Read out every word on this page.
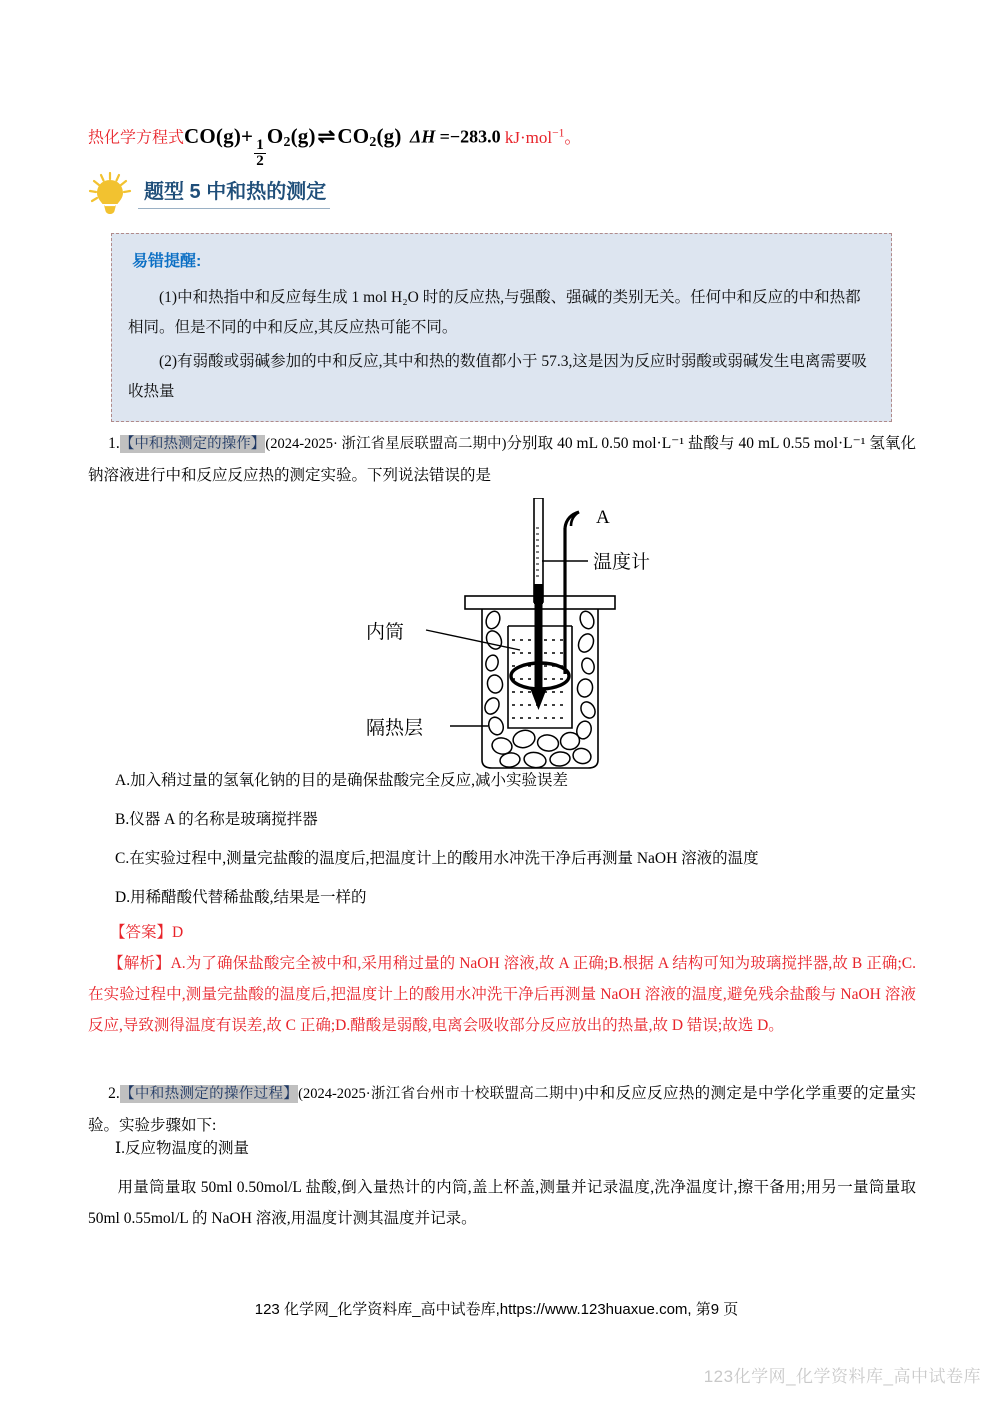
热化学方程式CO(g)+
$\frac{1}{2}$
$O_2(g)$ ⇌ $CO_2(g)$ ΔH =−283.0 kJ·mol$^{-1}$。
题型 5 中和热的测定
易错提醒:

(1)中和热指中和反应每生成 1 mol H₂O 时的反应热,与强酸、强碱的类别无关。任何中和反应的中和热都相同。但是不同的中和反应,其反应热可能不同。

(2)有弱酸或弱碱参加的中和反应,其中和热的数值都小于 57.3,这是因为反应时弱酸或弱碱发生电离需要吸收热量

1.【中和热测定的操作】(2024-2025· 浙江省星辰联盟高二期中)分别取 40 mL 0.50 mol·L⁻¹ 盐酸与 40 mL 0.55 mol·L⁻¹ 氢氧化钠溶液进行中和反应反应热的测定实验。下列说法错误的是
A
温度计
内筒
隔热层
A.加入稍过量的氢氧化钠的目的是确保盐酸完全反应,减小实验误差
B.仪器 A 的名称是玻璃搅拌器
C.在实验过程中,测量完盐酸的温度后,把温度计上的酸用水冲洗干净后再测量 NaOH 溶液的温度
D.用稀醋酸代替稀盐酸,结果是一样的
【答案】D
【解析】A.为了确保盐酸完全被中和,采用稍过量的 NaOH 溶液,故 A 正确;B.根据 A 结构可知为玻璃搅拌器,故 B 正确;C.在实验过程中,测量完盐酸的温度后,把温度计上的酸用水冲洗干净后再测量 NaOH 溶液的温度,避免残余盐酸与 NaOH 溶液反应,导致测得温度有误差,故 C 正确;D.醋酸是弱酸,电离会吸收部分反应放出的热量,故 D 错误;故选 D。
2.【中和热测定的操作过程】(2024-2025·浙江省台州市十校联盟高二期中)中和反应反应热的测定是中学化学重要的定量实验。实验步骤如下:
Ⅰ.反应物温度的测量
用量筒量取 50ml 0.50mol/L 盐酸,倒入量热计的内筒,盖上杯盖,测量并记录温度,洗净温度计,擦干备用;用另一量筒量取 50ml 0.55mol/L 的 NaOH 溶液,用温度计测其温度并记录。
123 化学网_化学资料库_高中试卷库,https://www.123huaxue.com, 第9 页
123化学网_化学资料库_高中试卷库
